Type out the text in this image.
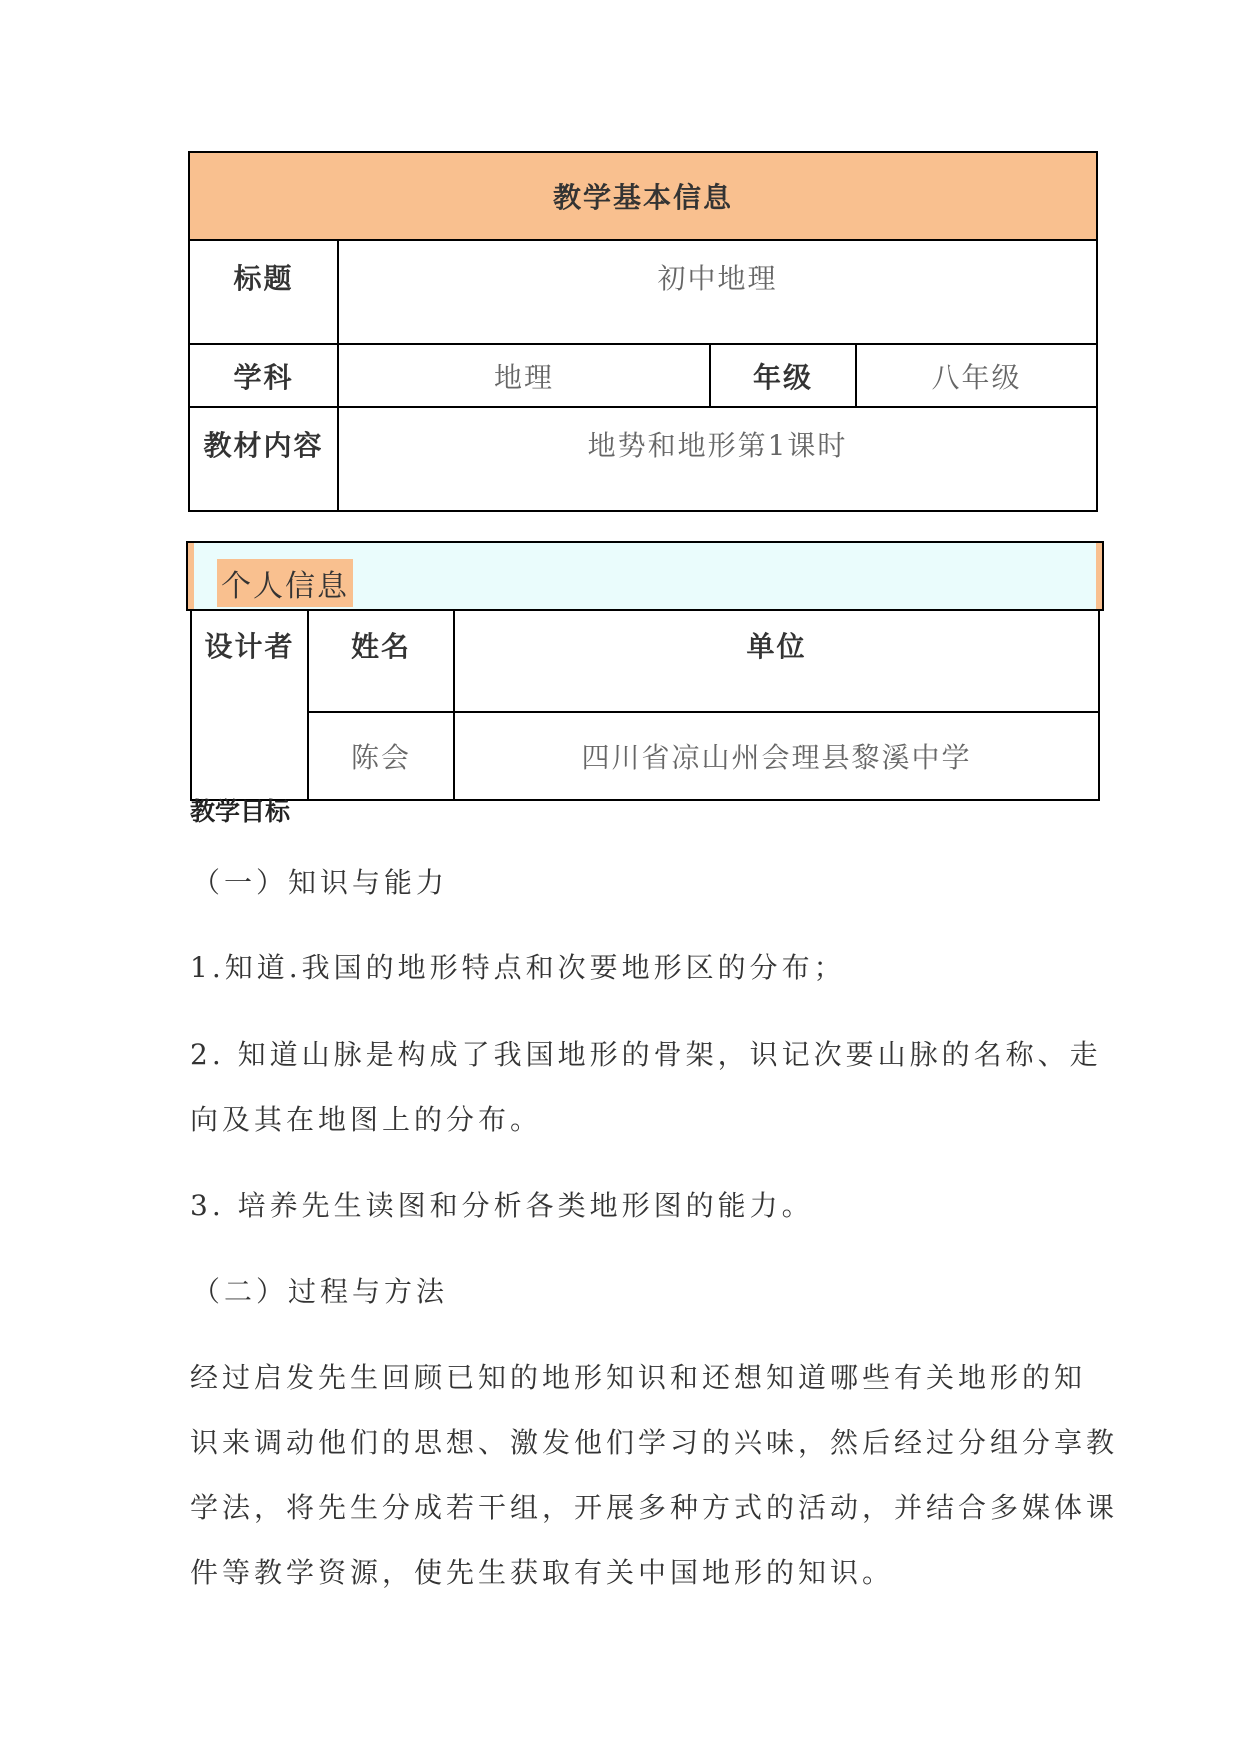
教学基本信息			
标题	初中地理		
学科	地理	年级	八年级
教材内容	地势和地形第1课时		
个人信息		
设计者	姓名	单位
	陈会	四川省凉山州会理县黎溪中学

教学目标

（一）知识与能力

1.知道.我国的地形特点和次要地形区的分布；

2. 知道山脉是构成了我国地形的骨架，识记次要山脉的名称、走

向及其在地图上的分布。

3. 培养先生读图和分析各类地形图的能力。

（二）过程与方法

经过启发先生回顾已知的地形知识和还想知道哪些有关地形的知

识来调动他们的思想、激发他们学习的兴味，然后经过分组分享教

学法，将先生分成若干组，开展多种方式的活动，并结合多媒体课

件等教学资源，使先生获取有关中国地形的知识。
